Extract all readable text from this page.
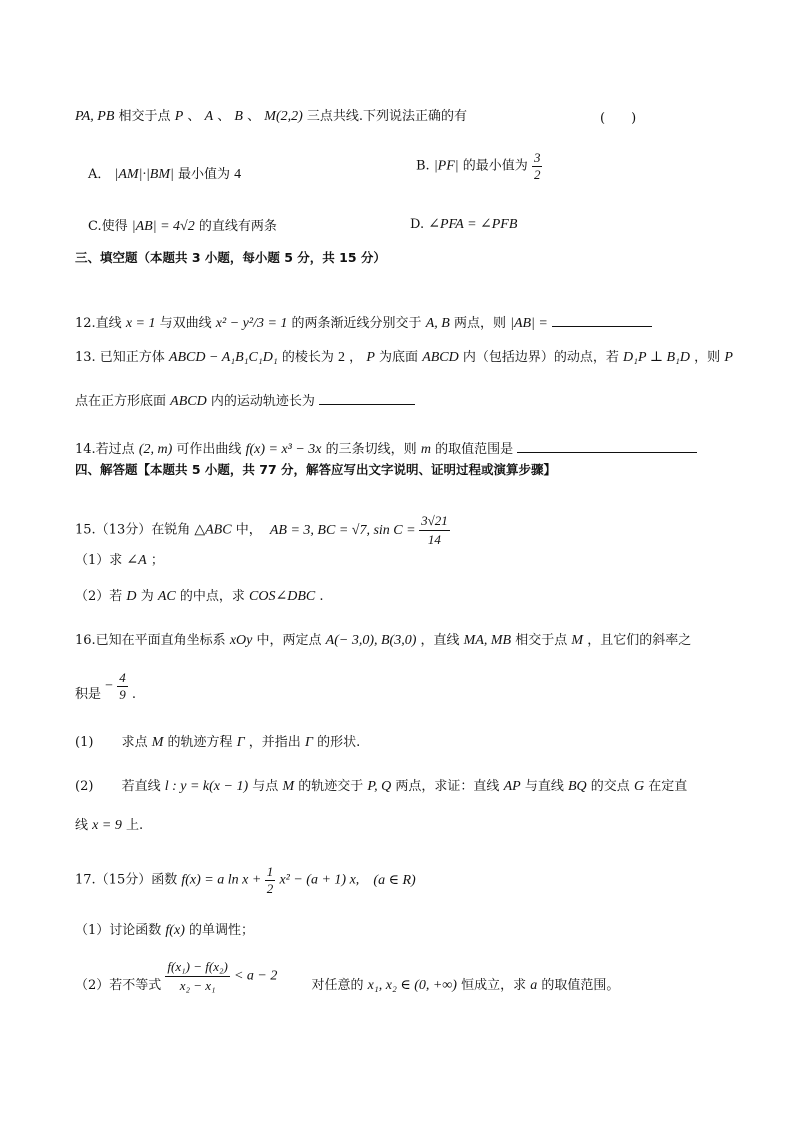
PA, PB 相交于点 P 、 A 、 B 、 M(2,2) 三点共线.下列说法正确的有	(　　)
A． |AM|·|BM| 最小值为 4
B. |PF| 的最小值为 $\frac{3}{2}$
C.使得 |AB| = 4√2 的直线有两条	D. ∠PFA = ∠PFB
三、填空题（本题共 3 小题，每小题 5 分，共 15 分）
12.直线 x = 1 与双曲线 x² − y²/3 = 1 的两条渐近线分别交于 A, B 两点，则 |AB| =
13. 已知正方体 ABCD − A₁B₁C₁D₁ 的棱长为 2 ， P 为底面 ABCD 内（包括边界）的动点，若 D₁P ⊥ B₁D ，则 P
点在正方形底面 ABCD 内的运动轨迹长为
14.若过点 (2, m) 可作出曲线 f(x) = x³ − 3x 的三条切线，则 m 的取值范围是
四、解答题【本题共 5 小题，共 77 分，解答应写出文字说明、证明过程或演算步骤】
15.（13分）在锐角 △ABC 中， AB = 3, BC = √7, $\sin C = \frac{3√21}{14}$
（1）求 ∠A ；
（2）若 D 为 AC 的中点，求 COS∠DBC .
16.已知在平面直角坐标系 xOy 中，两定点 A(− 3,0), B(3,0) ，直线 MA, MB 相交于点 M ，且它们的斜率之
积是 − $\frac{4}{9}$ .
(1) 求点 M 的轨迹方程 Γ ，并指出 Γ 的形状.
(2) 若直线 l : y = k(x − 1) 与点 M 的轨迹交于 P, Q 两点，求证：直线 AP 与直线 BQ 的交点 G 在定直
线 x = 9 上.
17.（15分）函数 f(x) = a $\ln x + \frac{1}{2} x^2 - (a + 1)$ x, (a ∈ R)
（1）讨论函数 f(x) 的单调性；
（2）若不等式 $\frac{\text{f(x₁) − f(x₂)}}{\text{x₂ − x₁}} < a - 2$ 对任意的 x₁, x₂ ∈ (0, +∞) 恒成立，求 a 的取值范围。
